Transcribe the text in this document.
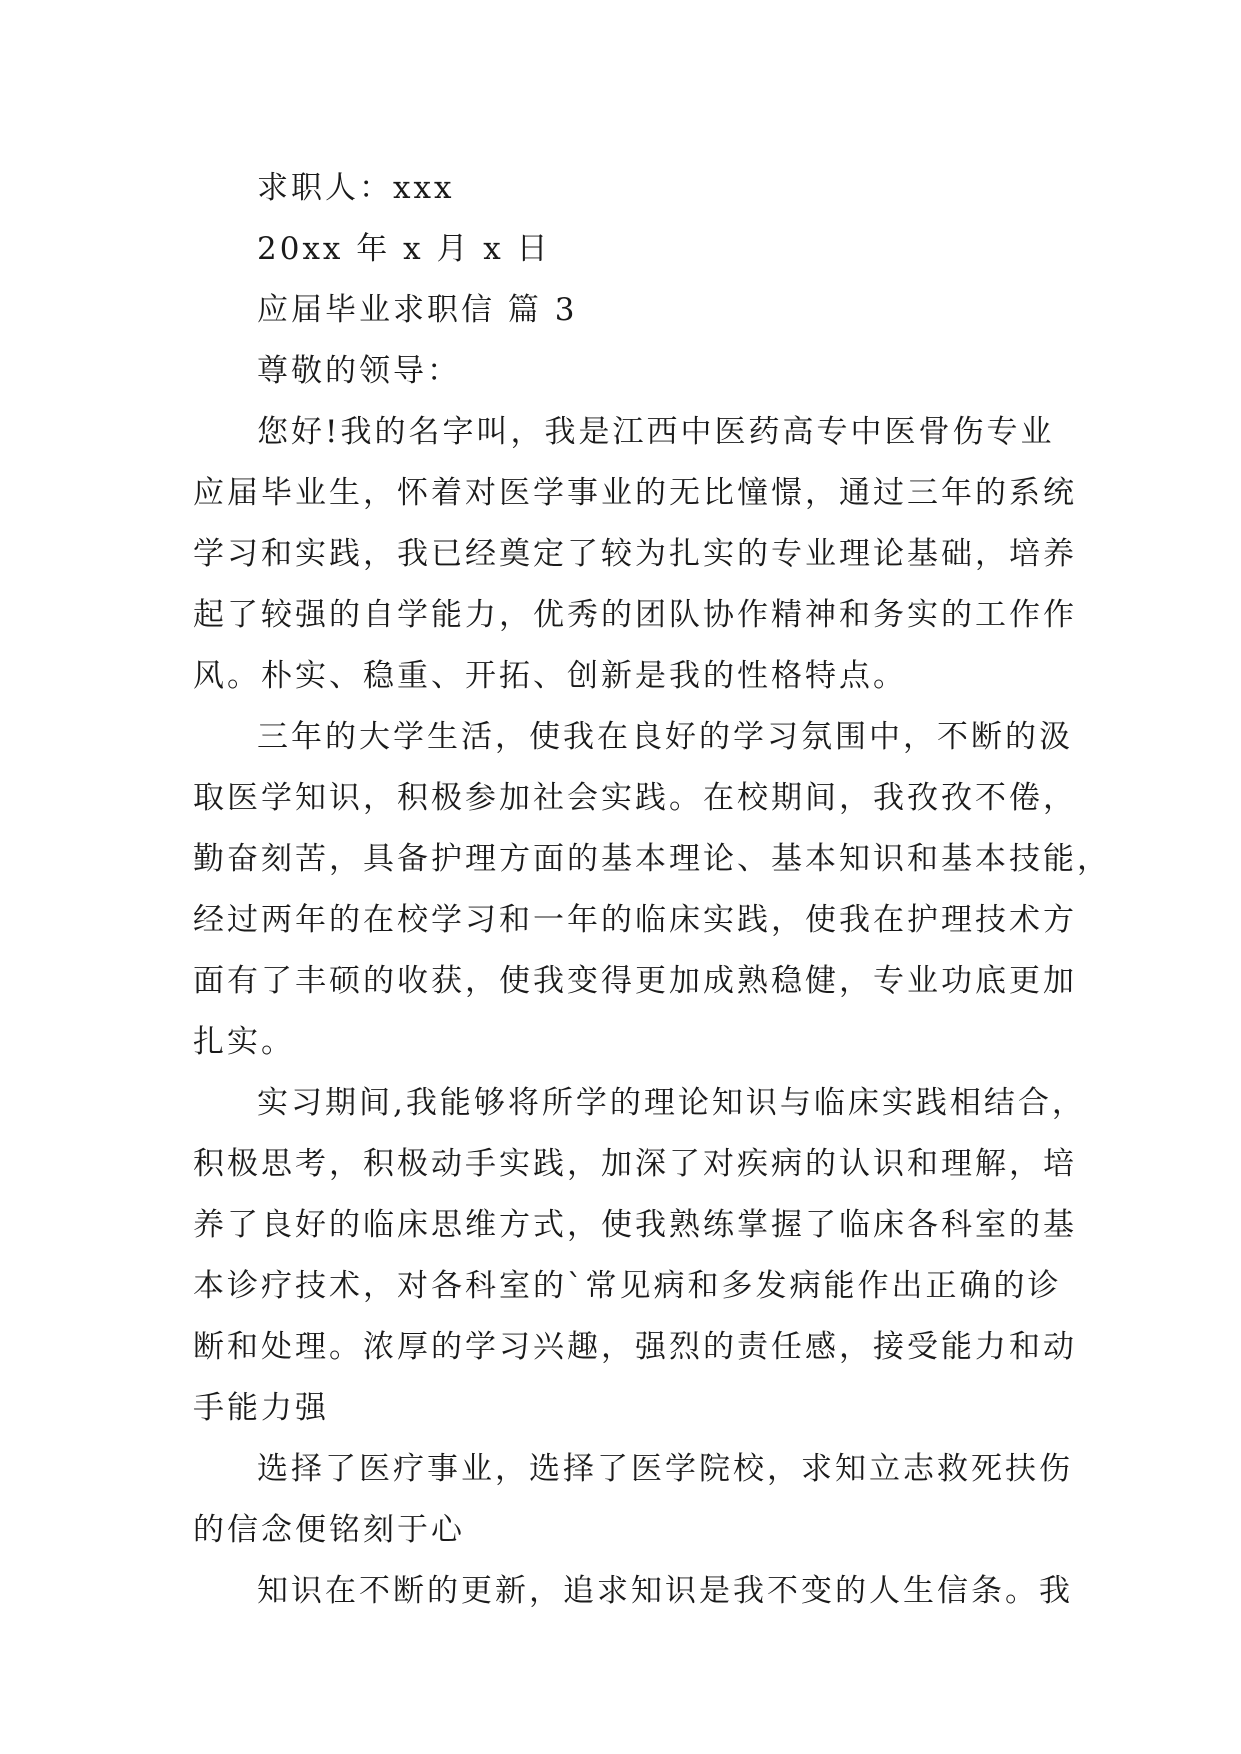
求职人：xxx
20xx 年 x 月 x 日
应届毕业求职信 篇 3
尊敬的领导：
您好!我的名字叫，我是江西中医药高专中医骨伤专业
应届毕业生，怀着对医学事业的无比憧憬，通过三年的系统
学习和实践，我已经奠定了较为扎实的专业理论基础，培养
起了较强的自学能力，优秀的团队协作精神和务实的工作作
风。朴实、稳重、开拓、创新是我的性格特点。
三年的大学生活，使我在良好的学习氛围中，不断的汲
取医学知识，积极参加社会实践。在校期间，我孜孜不倦，
勤奋刻苦，具备护理方面的基本理论、基本知识和基本技能，
经过两年的在校学习和一年的临床实践，使我在护理技术方
面有了丰硕的收获，使我变得更加成熟稳健，专业功底更加
扎实。
实习期间,我能够将所学的理论知识与临床实践相结合，
积极思考，积极动手实践，加深了对疾病的认识和理解，培
养了良好的临床思维方式，使我熟练掌握了临床各科室的基
本诊疗技术，对各科室的`常见病和多发病能作出正确的诊
断和处理。浓厚的学习兴趣，强烈的责任感，接受能力和动
手能力强
选择了医疗事业，选择了医学院校，求知立志救死扶伤
的信念便铭刻于心
知识在不断的更新，追求知识是我不变的人生信条。我
